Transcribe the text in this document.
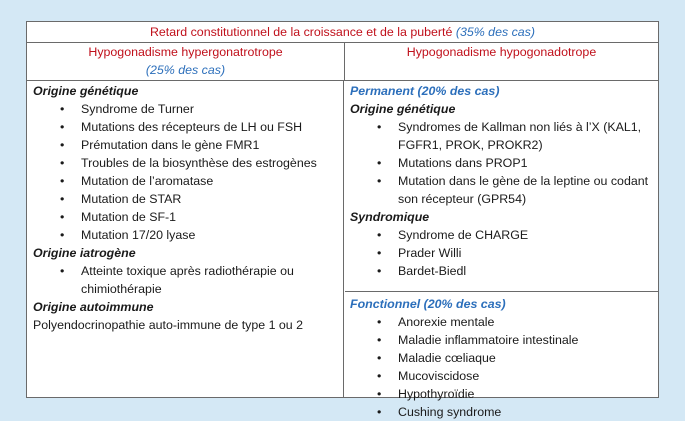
Retard constitutionnel de la croissance et de la puberté (35% des cas)
Hypogonadisme hypergonatrotrope
(25% des cas)
Hypogonadisme hypogonadotrope
Origine génétique
• Syndrome de Turner
• Mutations des récepteurs de LH ou FSH
• Prémutation dans le gène FMR1
• Troubles de la biosynthèse des estrogènes
• Mutation de l’aromatase
• Mutation de STAR
• Mutation de SF-1
• Mutation 17/20 lyase
Origine iatrogène
• Atteinte toxique après radiothérapie ou chimiothérapie
Origine autoimmune
Polyendocrinopathie auto-immune de type 1 ou 2
Permanent (20% des cas)
Origine génétique
• Syndromes de Kallman non liés à l’X (KAL1, FGFR1, PROK, PROKR2)
• Mutations dans PROP1
• Mutation dans le gène de la leptine ou codant son récepteur (GPR54)
Syndromique
• Syndrome de CHARGE
• Prader Willi
• Bardet-Biedl
Fonctionnel (20% des cas)
• Anorexie mentale
• Maladie inflammatoire intestinale
• Maladie cœliaque
• Mucoviscidose
• Hypothyroïdie
• Cushing syndrome
